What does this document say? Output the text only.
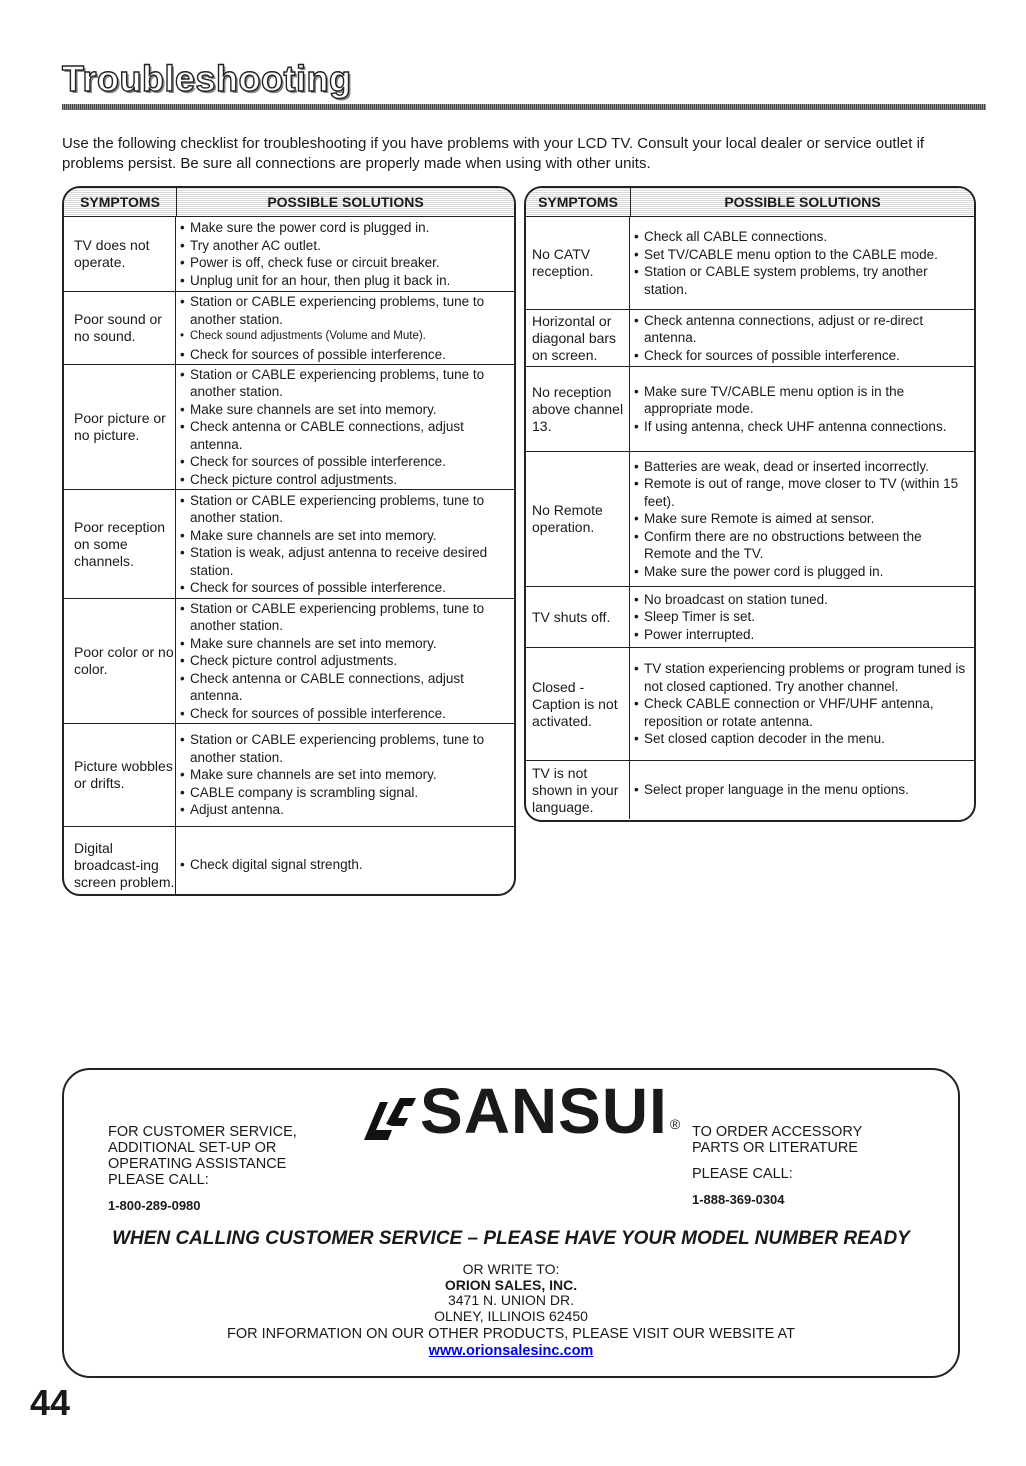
Troubleshooting
Use the following checklist for troubleshooting if you have problems with your LCD TV. Consult your local dealer or service outlet if problems persist. Be sure all connections are properly made when using with other units.
SYMPTOMS	POSSIBLE SOLUTIONS
TV does not operate.
• Make sure the power cord is plugged in.
• Try another AC outlet.
• Power is off, check fuse or circuit breaker.
• Unplug unit for an hour, then plug it back in.
Poor sound or no sound.
• Station or CABLE experiencing problems, tune to another station.
• Check sound adjustments (Volume and Mute).
• Check for sources of possible interference.
Poor picture or no picture.
• Station or CABLE experiencing problems, tune to another station.
• Make sure channels are set into memory.
• Check antenna or CABLE connections, adjust antenna.
• Check for sources of possible interference.
• Check picture control adjustments.
Poor reception on some channels.
• Station or CABLE experiencing problems, tune to another station.
• Make sure channels are set into memory.
• Station is weak, adjust antenna to receive desired station.
• Check for sources of possible interference.
Poor color or no color.
• Station or CABLE experiencing problems, tune to another station.
• Make sure channels are set into memory.
• Check picture control adjustments.
• Check antenna or CABLE connections, adjust antenna.
• Check for sources of possible interference.
Picture wobbles or drifts.
• Station or CABLE experiencing problems, tune to another station.
• Make sure channels are set into memory.
• CABLE company is scrambling signal.
• Adjust antenna.
Digital broadcast-ing screen problem.
• Check digital signal strength.
SYMPTOMS	POSSIBLE SOLUTIONS
No CATV reception.
• Check all CABLE connections.
• Set TV/CABLE menu option to the CABLE mode.
• Station or CABLE system problems, try another station.
Horizontal or diagonal bars on screen.
• Check antenna connections, adjust or re-direct antenna.
• Check for sources of possible interference.
No reception above channel 13.
• Make sure TV/CABLE menu option is in the appropriate mode.
• If using antenna, check UHF antenna connections.
No Remote operation.
• Batteries are weak, dead or inserted incorrectly.
• Remote is out of range, move closer to TV (within 15 feet).
• Make sure Remote is aimed at sensor.
• Confirm there are no obstructions between the Remote and the TV.
• Make sure the power cord is plugged in.
TV shuts off.
• No broadcast on station tuned.
• Sleep Timer is set.
• Power interrupted.
Closed - Caption is not activated.
• TV station experiencing problems or program tuned is not closed captioned. Try another channel.
• Check CABLE connection or VHF/UHF antenna, reposition or rotate antenna.
• Set closed caption decoder in the menu.
TV is not shown in your language.
• Select proper language in the menu options.
FOR CUSTOMER SERVICE,
ADDITIONAL SET-UP OR
OPERATING ASSISTANCE
PLEASE CALL:
1-800-289-0980
SANSUI ® TO ORDER ACCESSORY
PARTS OR LITERATURE
PLEASE CALL:
1-888-369-0304
WHEN CALLING CUSTOMER SERVICE – PLEASE HAVE YOUR MODEL NUMBER READY
OR WRITE TO:
ORION SALES, INC.
3471 N. UNION DR.
OLNEY, ILLINOIS 62450
FOR INFORMATION ON OUR OTHER PRODUCTS, PLEASE VISIT OUR WEBSITE AT
www.orionsalesinc.com
44
